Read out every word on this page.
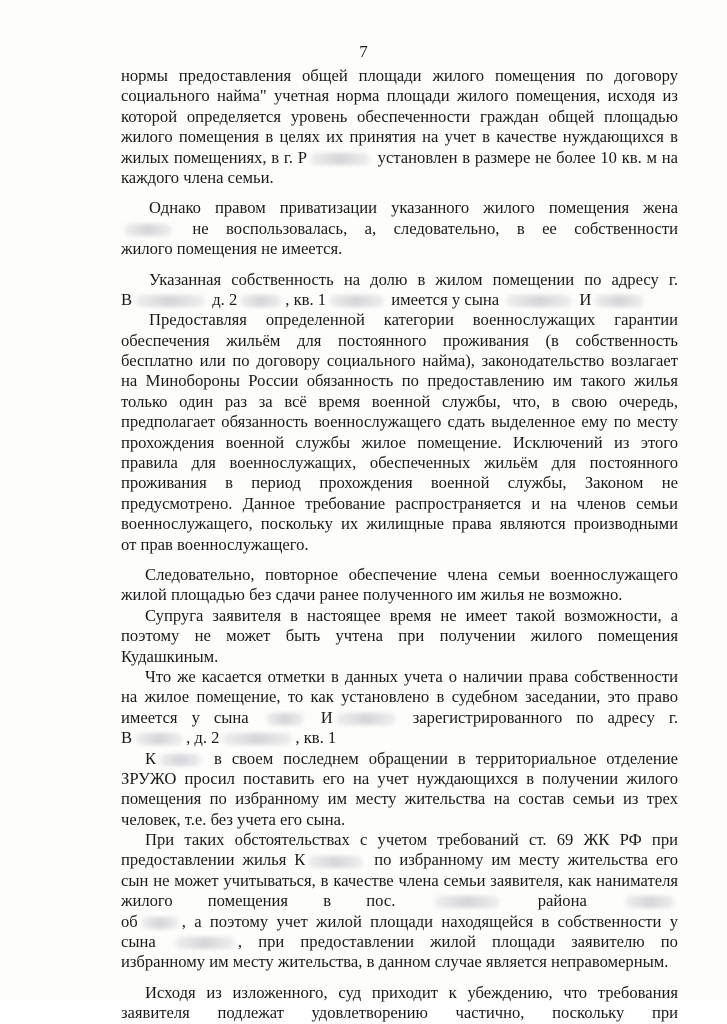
7
нормы предоставления общей площади жилого помещения по договору
социального найма" учетная норма площади жилого помещения, исходя из
которой определяется уровень обеспеченности граждан общей площадью
жилого помещения в целях их принятия на учет в качестве нуждающихся в
жилых помещениях, в г. Р	установлен в размере не более 10 кв. м на
каждого члена семьи.
Однако правом приватизации указанного жилого помещения жена
не воспользовалась, а, следовательно, в ее собственности
жилого помещения не имеется.
Указанная собственность на долю в жилом помещении по адресу г.
В	д. 2	, кв. 1	имеется у сына	И
Предоставляя определенной категории военнослужащих гарантии
обеспечения жильём для постоянного проживания (в собственность
бесплатно или по договору социального найма), законодательство возлагает
на Минобороны России обязанность по предоставлению им такого жилья
только один раз за всё время военной службы, что, в свою очередь,
предполагает обязанность военнослужащего сдать выделенное ему по месту
прохождения военной службы жилое помещение. Исключений из этого
правила для военнослужащих, обеспеченных жильём для постоянного
проживания в период прохождения военной службы, Законом не
предусмотрено. Данное требование распространяется и на членов семьи
военнослужащего, поскольку их жилищные права являются производными
от прав военнослужащего.
Следовательно, повторное обеспечение члена семьи военнослужащего
жилой площадью без сдачи ранее полученного им жилья не возможно.
Супруга заявителя в настоящее время не имеет такой возможности, а
поэтому не может быть учтена при получении жилого помещения
Кудашкиным.
Что же касается отметки в данных учета о наличии права собственности
на жилое помещение, то как установлено в судебном заседании, это право
имеется у сына	И	зарегистрированного по адресу г.
В	, д. 2	, кв. 1
К	в своем последнем обращении в территориальное отделение
ЗРУЖО просил поставить его на учет нуждающихся в получении жилого
помещения по избранному им месту жительства на состав семьи из трех
человек, т.е. без учета его сына.
При таких обстоятельствах с учетом требований ст. 69 ЖК РФ при
предоставлении жилья К	по избранному им месту жительства его
сын не может учитываться, в качестве члена семьи заявителя, как нанимателя
жилого помещения в пос.	района
об	, а поэтому учет жилой площади находящейся в собственности у
сына	, при предоставлении жилой площади заявителю по
избранному им месту жительства, в данном случае является неправомерным.
Исходя из изложенного, суд приходит к убеждению, что требования
заявителя подлежат удовлетворению частично, поскольку при
